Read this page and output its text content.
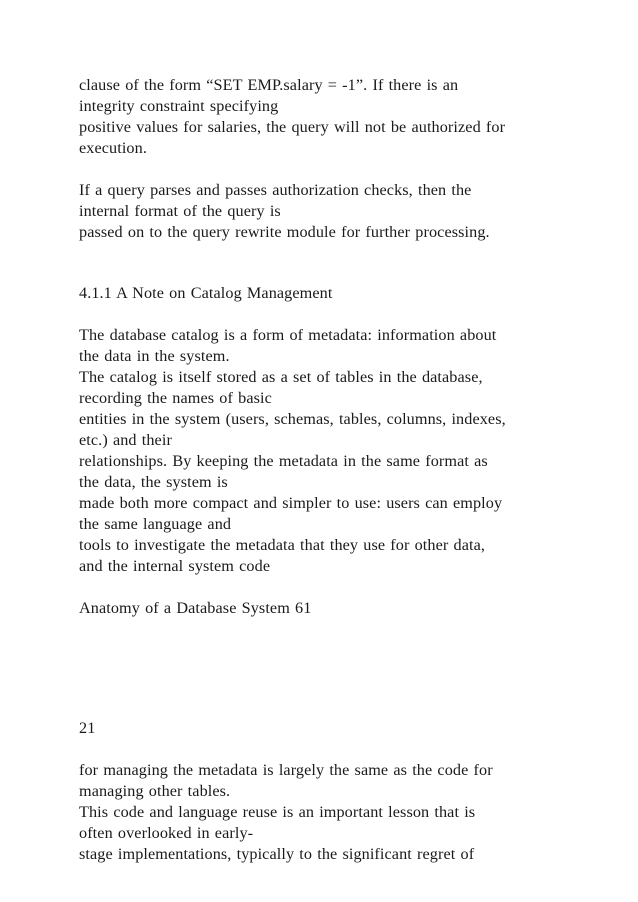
clause of the form “SET EMP.salary = -1”. If there is an
integrity constraint specifying
positive values for salaries, the query will not be authorized for
execution.
If a query parses and passes authorization checks, then the
internal format of the query is
passed on to the query rewrite module for further processing.
4.1.1 A Note on Catalog Management
The database catalog is a form of metadata: information about
the data in the system.
The catalog is itself stored as a set of tables in the database,
recording the names of basic
entities in the system (users, schemas, tables, columns, indexes,
etc.) and their
relationships. By keeping the metadata in the same format as
the data, the system is
made both more compact and simpler to use: users can employ
the same language and
tools to investigate the metadata that they use for other data,
and the internal system code
Anatomy of a Database System 61
21
for managing the metadata is largely the same as the code for
managing other tables.
This code and language reuse is an important lesson that is
often overlooked in early-
stage implementations, typically to the significant regret of
